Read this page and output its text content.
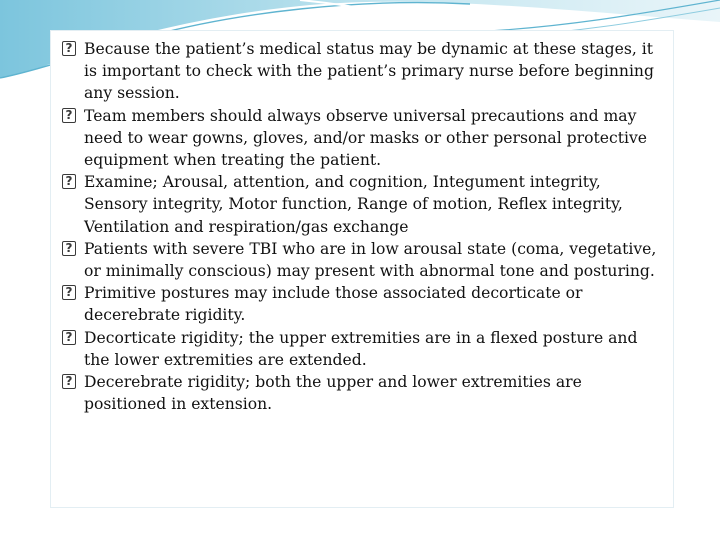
?
Because the patient’s medical status may be dynamic at these stages, it is important to check with the patient’s primary nurse before beginning any session.
?
Team members should always observe universal precautions and may need to wear gowns, gloves, and/or masks or other personal protective equipment when treating the patient.
?
Examine; Arousal, attention, and cognition, Integument integrity, Sensory integrity, Motor function, Range of motion, Reflex integrity, Ventilation and respiration/gas exchange
?
Patients with severe TBI who are in low arousal state (coma, vegetative, or minimally conscious) may present with abnormal tone and posturing.
?
Primitive postures may include those associated decorticate or decerebrate rigidity.
?
Decorticate rigidity; the upper extremities are in a flexed posture and the lower extremities are extended.
?
Decerebrate rigidity; both the upper and lower extremities are positioned in extension.
